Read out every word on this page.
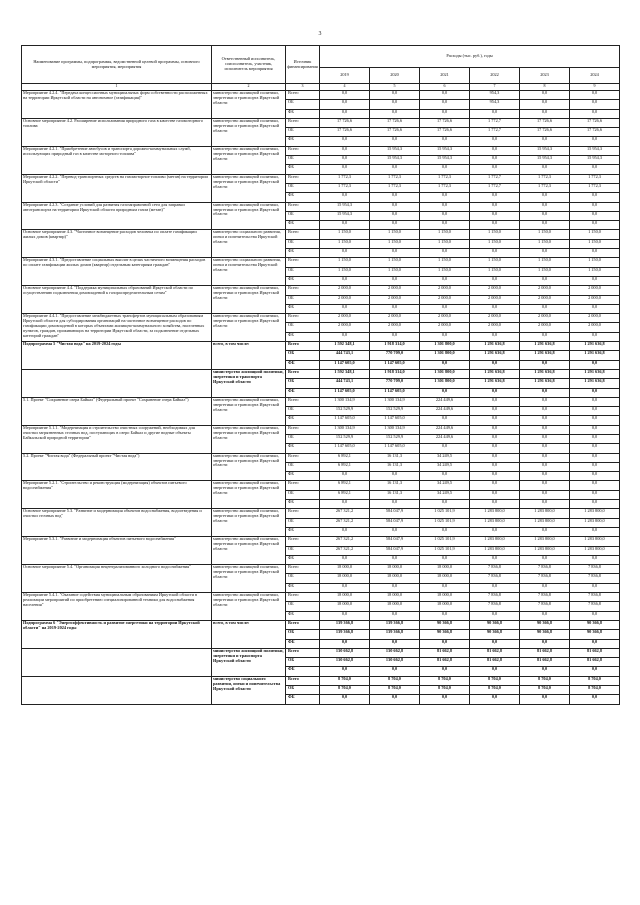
3
Наименование программы, подпрограммы, ведомственной целевой программы, основного мероприятия, мероприятия	Ответственный исполнитель, соисполнитель, участник, исполнитель мероприятия	Источник финансирования	Расходы (тыс. руб.), годы					
			2019	2020	2021	2022	2023	2024
1	2	3	4	5	6	7	8	9
Мероприятие 4.2.4. "Передача концессионных муниципальных форм собственности расположенных на территории Иркутской области на автономное (газификация)"	министерство жилищной политики, энергетики и транспорта Иркутской области	Всего	0,0	0,0	0,0	954,3	0,0	0,0
		ОБ	0,0	0,0	0,0	954,3	0,0	0,0
		ФБ	0,0	0,0	0,0	0,0	0,0	0,0
Основное мероприятие 4.2. Расширение использования природного газа в качестве газомоторного топлива	министерство жилищной политики, энергетики и транспорта Иркутской области	Всего	17 726,6	17 726,6	17 726,6	1 772,7	17 726,6	17 726,6
		ОБ	17 726,6	17 726,6	17 726,6	1 772,7	17 726,6	17 726,6
		ФБ	0,0	0,0	0,0	0,0	0,0	0,0
Мероприятие 4.2.1. "Приобретение автобусов и транспорта дорожно-коммунальных служб, использующих природный газ в качестве моторного топлива"	министерство жилищной политики, энергетики и транспорта Иркутской области	Всего	0,0	15 954,3	15 954,3	0,0	15 954,3	15 954,3
		ОБ	0,0	15 954,3	15 954,3	0,0	15 954,3	15 954,3
		ФБ	0,0	0,0	0,0	0,0	0,0	0,0
Мероприятие 4.2.2. "Перевод транспортных средств на газомоторное топливо (метан) на территории Иркутской области"	министерство жилищной политики, энергетики и транспорта Иркутской области	Всего	1 772,3	1 772,3	1 772,3	1 772,7	1 772,3	1 772,3
		ОБ	1 772,3	1 772,3	1 772,3	1 772,7	1 772,3	1 772,3
		ФБ	0,0	0,0	0,0	0,0	0,0	0,0
Мероприятие 4.2.3. "Создание условий для развития газозаправочной сети для заправки автотранспорта на территории Иркутской области природным газом (метан)"	министерство жилищной политики, энергетики и транспорта Иркутской области	Всего	15 954,3	0,0	0,0	0,0	0,0	0,0
		ОБ	15 954,3	0,0	0,0	0,0	0,0	0,0
		ФБ	0,0	0,0	0,0	0,0	0,0	0,0
Основное мероприятие 4.3. "Частичное возмещение расходов человека по оплате газификации жилых домов (квартир)"	министерство социального развития, опеки и попечительства Иркутской области	Всего	1 150,0	1 150,0	1 150,0	1 150,0	1 150,0	1 150,0
		ОБ	1 150,0	1 150,0	1 150,0	1 150,0	1 150,0	1 150,0
		ФБ	0,0	0,0	0,0	0,0	0,0	0,0
Мероприятие 4.3.1. "Предоставление социальных выплат в целях частичного возмещения расходов по оплате газификации жилых домов (квартир) отдельным категориям граждан"	министерство социального развития, опеки и попечительства Иркутской области	Всего	1 150,0	1 150,0	1 150,0	1 150,0	1 150,0	1 150,0
		ОБ	1 150,0	1 150,0	1 150,0	1 150,0	1 150,0	1 150,0
		ФБ	0,0	0,0	0,0	0,0	0,0	0,0
Основное мероприятие 4.4. "Поддержка муниципальных образований Иркутской области по осуществлению подключения домовладений к газораспределительным сетям"	министерство жилищной политики, энергетики и транспорта Иркутской области	Всего	2 000,0	2 000,0	2 000,0	2 000,0	2 000,0	2 000,0
		ОБ	2 000,0	2 000,0	2 000,0	2 000,0	2 000,0	2 000,0
		ФБ	0,0	0,0	0,0	0,0	0,0	0,0
Мероприятие 4.4.1. "Предоставление межбюджетных трансфертов муниципальным образованиям Иркутской области для субсидирования организаций на частичное возмещение расходов по газификации домовладений в которых объектами жилищно-коммунального хозяйства, населенных пунктов, граждан, проживающих на территории Иркутской области, за подключение отдельных категорий граждан"	министерство жилищной политики, энергетики и транспорта Иркутской области	Всего	2 000,0	2 000,0	2 000,0	2 000,0	2 000,0	2 000,0
		ОБ	2 000,0	2 000,0	2 000,0	2 000,0	2 000,0	2 000,0
		ФБ	0,0	0,0	0,0	0,0	0,0	0,0
Подпрограмма 5 "Чистая вода" на 2019-2024 годы	всего, в том числе:	Всего	1 592 348,1	1 918 314,0	1 301 800,0	1 291 636,8	1 291 636,8	1 291 636,8
		ОБ	444 743,1	770 709,0	1 301 800,0	1 291 636,8	1 291 636,8	1 291 636,8
		ФБ	1 147 605,0	1 147 605,0	0,0	0,0	0,0	0,0
	министерство жилищной политики, энергетики и транспорта Иркутской области	Всего	1 592 348,1	1 918 314,0	1 301 800,0	1 291 636,8	1 291 636,8	1 291 636,8
		ОБ	444 743,1	770 709,0	1 301 800,0	1 291 636,8	1 291 636,8	1 291 636,8
		ФБ	1 147 605,0	1 147 605,0	0,0	0,0	0,0	0,0
5.1. Проект "Сохранение озера Байкал" (Федеральный проект "Сохранение озера Байкал")	министерство жилищной политики, энергетики и транспорта Иркутской области	Всего	1 300 134,9	1 300 134,9	224 449,6	0,0	0,0	0,0
		ОБ	152 529,9	152 529,9	224 449,6	0,0	0,0	0,0
		ФБ	1 147 605,0	1 147 605,0	0,0	0,0	0,0	0,0
Мероприятие 5.1.1. "Модернизация и строительство очистных сооружений, необходимых для очистки загрязненных сточных вод, поступающих в озеро Байкал и другие водные объекты Байкальской природной территории"	министерство жилищной политики, энергетики и транспорта Иркутской области	Всего	1 300 134,9	1 300 134,9	224 449,6	0,0	0,0	0,0
		ОБ	152 529,9	152 529,9	224 449,6	0,0	0,0	0,0
		ФБ	1 147 605,0	1 147 605,0	0,0	0,0	0,0	0,0
5.2. Проект "Чистая вода" (Федеральный проект "Чистая вода")	министерство жилищной политики, энергетики и транспорта Иркутской области	Всего	6 892,1	16 131,3	34 249,5	0,0	0,0	0,0
		ОБ	6 892,1	16 131,3	34 249,5	0,0	0,0	0,0
		ФБ	0,0	0,0	0,0	0,0	0,0	0,0
Мероприятие 5.2.1. "Строительство и реконструкция (модернизация) объектов питьевого водоснабжения"	министерство жилищной политики, энергетики и транспорта Иркутской области	Всего	6 892,1	16 131,3	34 249,5	0,0	0,0	0,0
		ОБ	6 892,1	16 131,3	34 249,5	0,0	0,0	0,0
		ФБ	0,0	0,0	0,0	0,0	0,0	0,0
Основное мероприятие 5.3. "Развитие и модернизация объектов водоснабжения, водоотведения и очистки сточных вод"	министерство жилищной политики, энергетики и транспорта Иркутской области	Всего	267 321,2	584 047,9	1 025 101,9	1 283 800,0	1 283 800,0	1 283 800,0
		ОБ	267 321,2	584 047,9	1 025 101,9	1 283 800,0	1 283 800,0	1 283 800,0
		ФБ	0,0	0,0	0,0	0,0	0,0	0,0
Мероприятие 5.3.1. "Развитие и модернизация объектов питьевого водоснабжения"	министерство жилищной политики, энергетики и транспорта Иркутской области	Всего	267 321,2	584 047,9	1 025 101,9	1 283 800,0	1 283 800,0	1 283 800,0
		ОБ	267 321,2	584 047,9	1 025 101,9	1 283 800,0	1 283 800,0	1 283 800,0
		ФБ	0,0	0,0	0,0	0,0	0,0	0,0
Основное мероприятие 5.4. "Организация нецентрализованного холодного водоснабжения"	министерство жилищной политики, энергетики и транспорта Иркутской области	Всего	18 000,0	18 000,0	18 000,0	7 836,8	7 836,8	7 836,8
		ОБ	18 000,0	18 000,0	18 000,0	7 836,8	7 836,8	7 836,8
		ФБ	0,0	0,0	0,0	0,0	0,0	0,0
Мероприятие 5.4.1. "Оказание содействия муниципальным образованиям Иркутской области в реализации мероприятий по приобретению специализированной техники для водоснабжения населения"	министерство жилищной политики, энергетики и транспорта Иркутской области	Всего	18 000,0	18 000,0	18 000,0	7 836,8	7 836,8	7 836,8
		ОБ	18 000,0	18 000,0	18 000,0	7 836,8	7 836,8	7 836,8
		ФБ	0,0	0,0	0,0	0,0	0,0	0,0
Подпрограмма 6 "Энергоэффективность и развитие энергетики на территории Иркутской области" на 2019-2024 годы	всего, в том числе:	Всего	139 366,8	139 366,8	90 366,8	90 366,8	90 366,8	90 366,8
		ОБ	139 366,8	139 366,8	90 366,8	90 366,8	90 366,8	90 366,8
		ФБ	0,0	0,0	0,0	0,0	0,0	0,0
	министерство жилищной политики, энергетики и транспорта Иркутской области	Всего	130 662,8	130 662,8	81 662,8	81 662,8	81 662,8	81 662,8
		ОБ	130 662,8	130 662,8	81 662,8	81 662,8	81 662,8	81 662,8
		ФБ	0,0	0,0	0,0	0,0	0,0	0,0
	министерство социального развития, опеки и попечительства Иркутской области	Всего	8 704,0	8 704,0	8 704,0	8 704,0	8 704,0	8 704,0
		ОБ	8 704,0	8 704,0	8 704,0	8 704,0	8 704,0	8 704,0
		ФБ	0,0	0,0	0,0	0,0	0,0	0,0
